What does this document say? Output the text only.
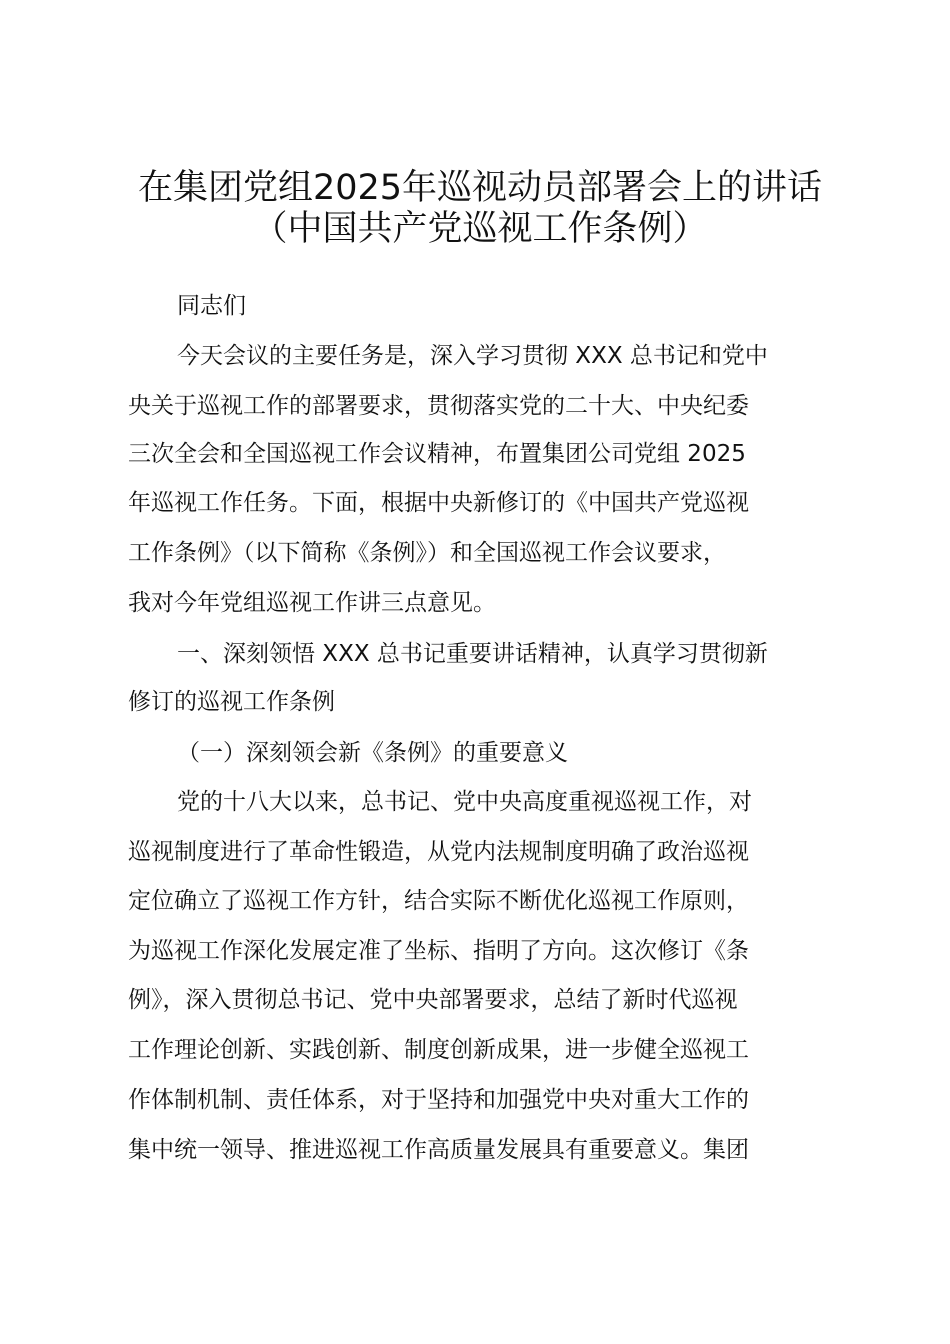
在集团党组2025年巡视动员部署会上的讲话
（中国共产党巡视工作条例）
同志们
今天会议的主要任务是，深入学习贯彻 XXX 总书记和党中
央关于巡视工作的部署要求，贯彻落实党的二十大、中央纪委
三次全会和全国巡视工作会议精神，布置集团公司党组 2025
年巡视工作任务。下面，根据中央新修订的《中国共产党巡视
工作条例》（以下简称《条例》）和全国巡视工作会议要求，
我对今年党组巡视工作讲三点意见。
一、深刻领悟 XXX 总书记重要讲话精神，认真学习贯彻新
修订的巡视工作条例
（一）深刻领会新《条例》的重要意义
党的十八大以来，总书记、党中央高度重视巡视工作，对
巡视制度进行了革命性锻造，从党内法规制度明确了政治巡视
定位确立了巡视工作方针，结合实际不断优化巡视工作原则，
为巡视工作深化发展定准了坐标、指明了方向。这次修订《条
例》，深入贯彻总书记、党中央部署要求，总结了新时代巡视
工作理论创新、实践创新、制度创新成果，进一步健全巡视工
作体制机制、责任体系，对于坚持和加强党中央对重大工作的
集中统一领导、推进巡视工作高质量发展具有重要意义。集团
